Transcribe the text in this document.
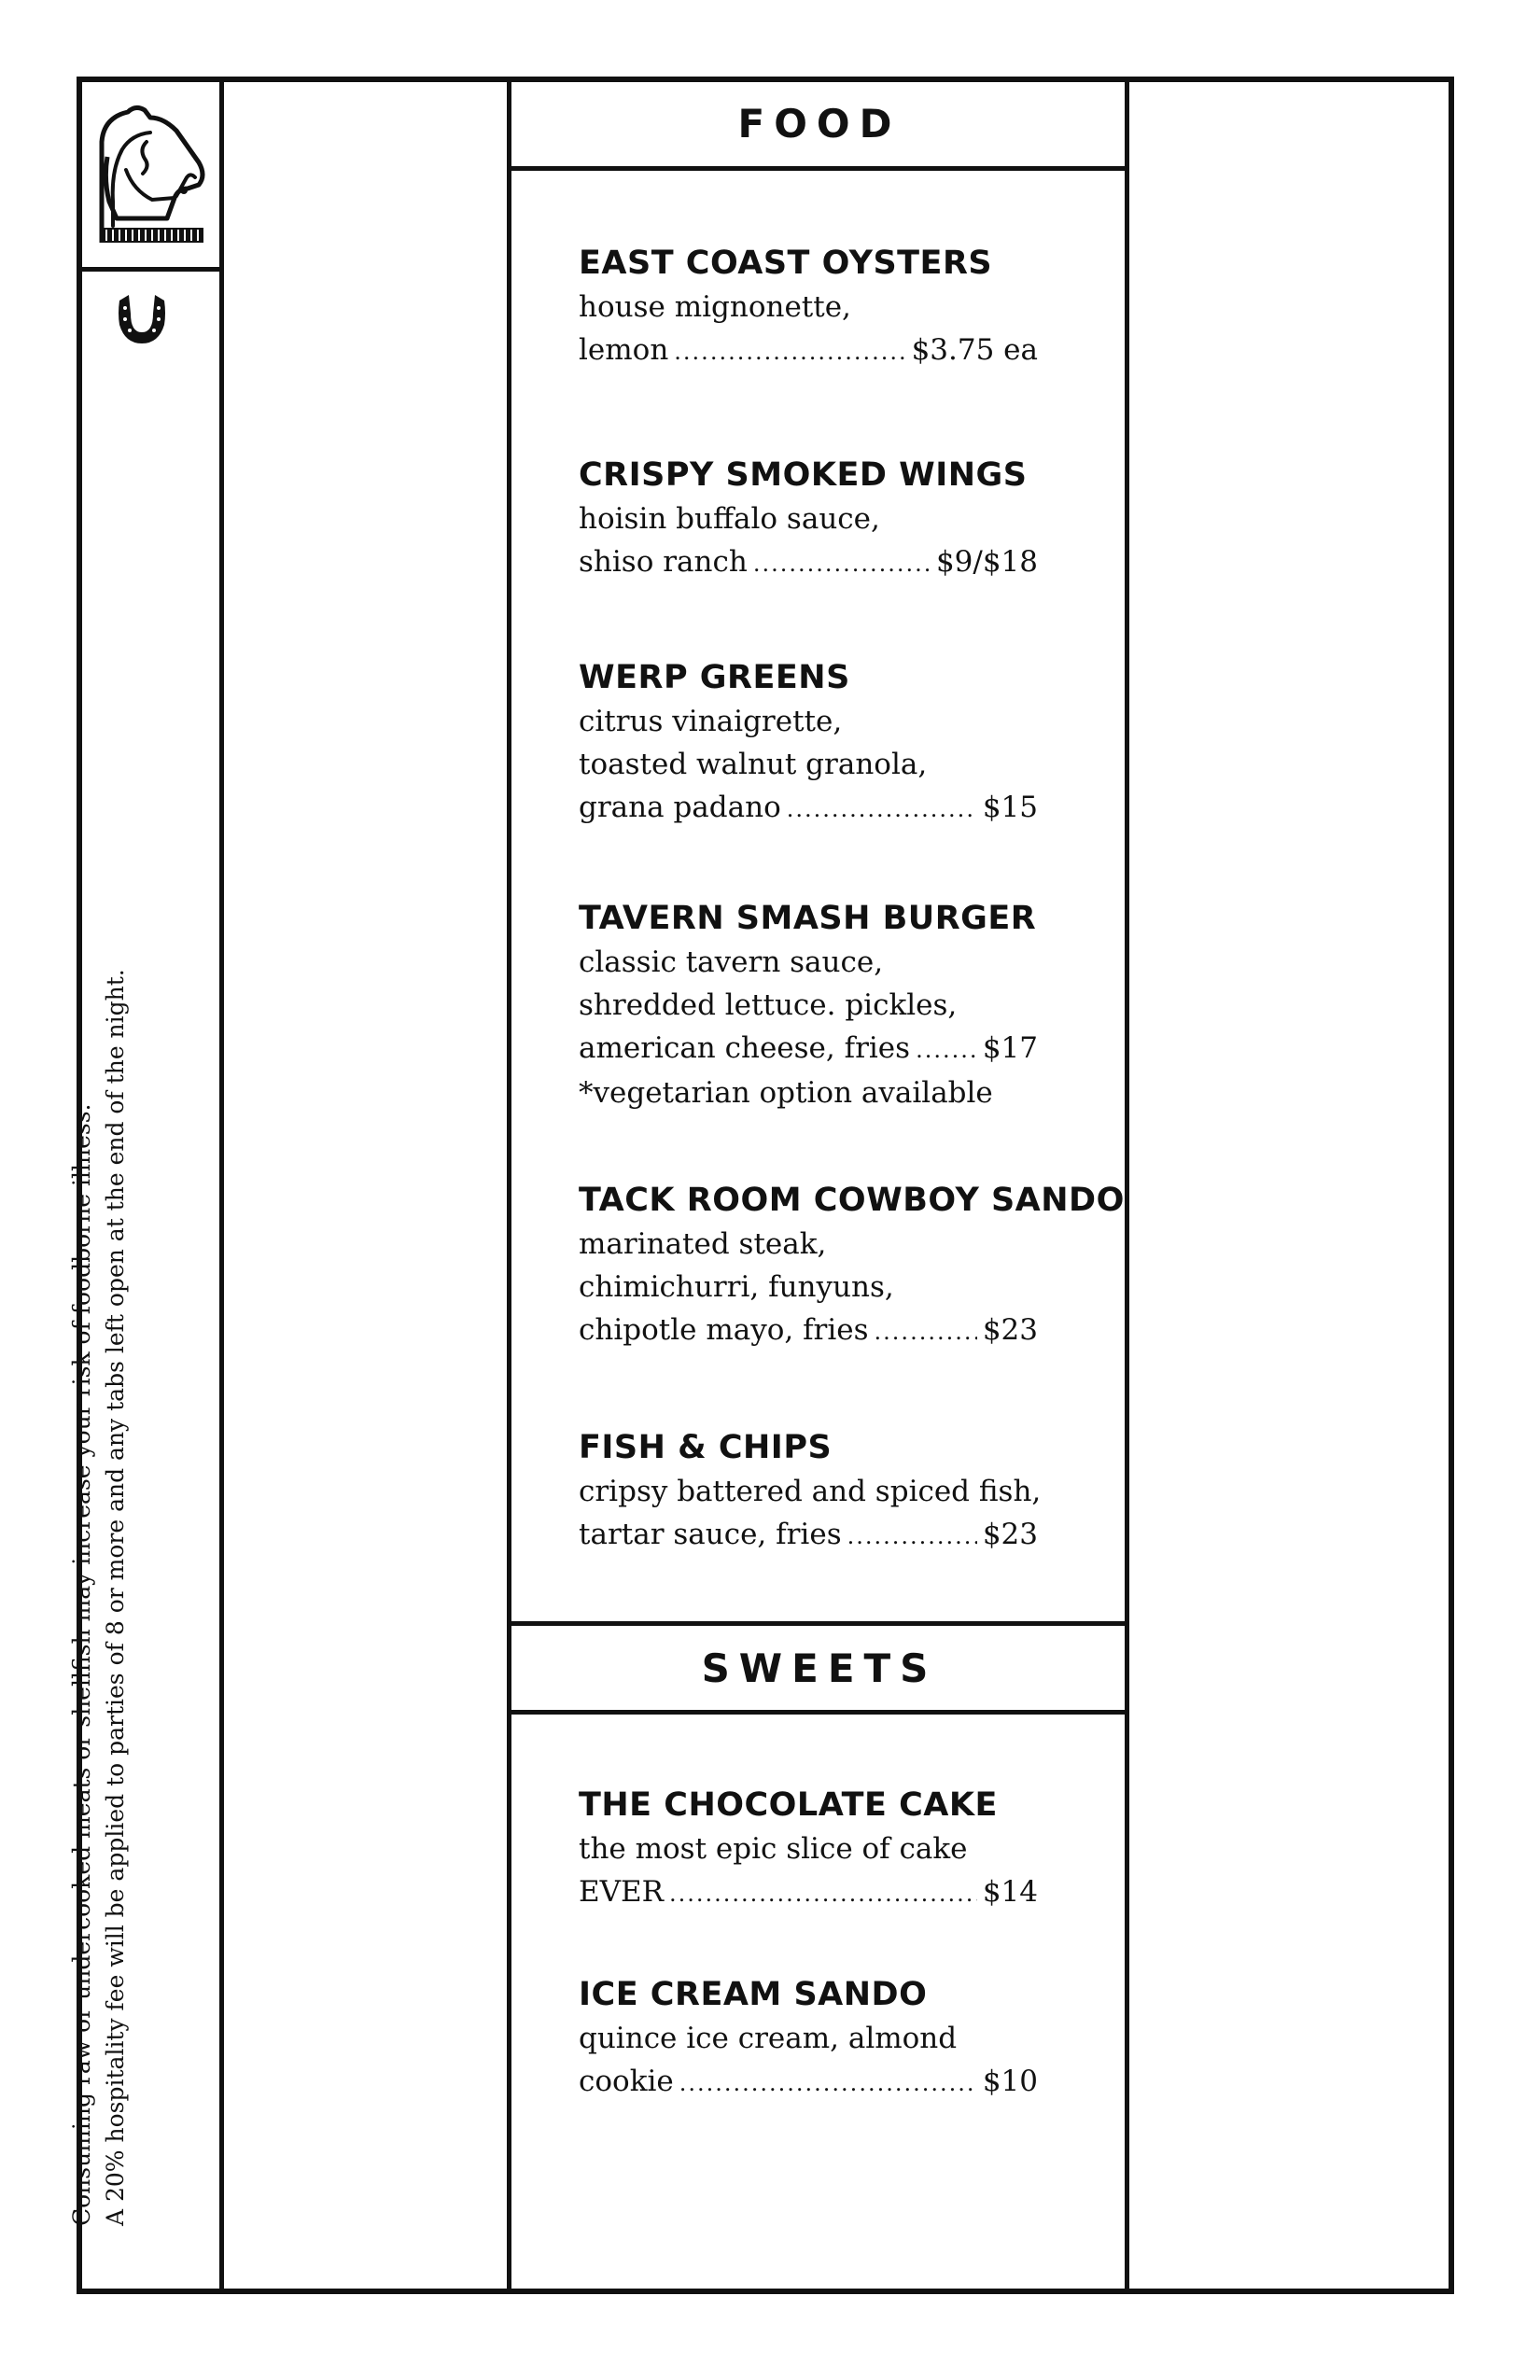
Consuming raw or undercooked meats or shellfish may increase your risk of foodborne illness. A 20% hospitality fee will be applied to parties of 8 or more and any tabs left open at the end of the night.
FOOD
SWEETS
EAST COAST OYSTERS
house mignonette,
lemon .....	$3.75 ea
CRISPY SMOKED WINGS
hoisin buffalo sauce,
shiso ranch .....	$9/$18
WERP GREENS
citrus vinaigrette,
toasted walnut granola,
grana padano .....	$15
TAVERN SMASH BURGER
classic tavern sauce,
shredded lettuce. pickles,
american cheese, fries .....	$17
*vegetarian option available
TACK ROOM COWBOY SANDO
marinated steak,
chimichurri, funyuns,
chipotle mayo, fries .....	$23
FISH & CHIPS
cripsy battered and spiced fish,
tartar sauce, fries .....	$23
THE CHOCOLATE CAKE
the most epic slice of cake
EVER .....	$14
ICE CREAM SANDO
quince ice cream, almond
cookie .....	$10
